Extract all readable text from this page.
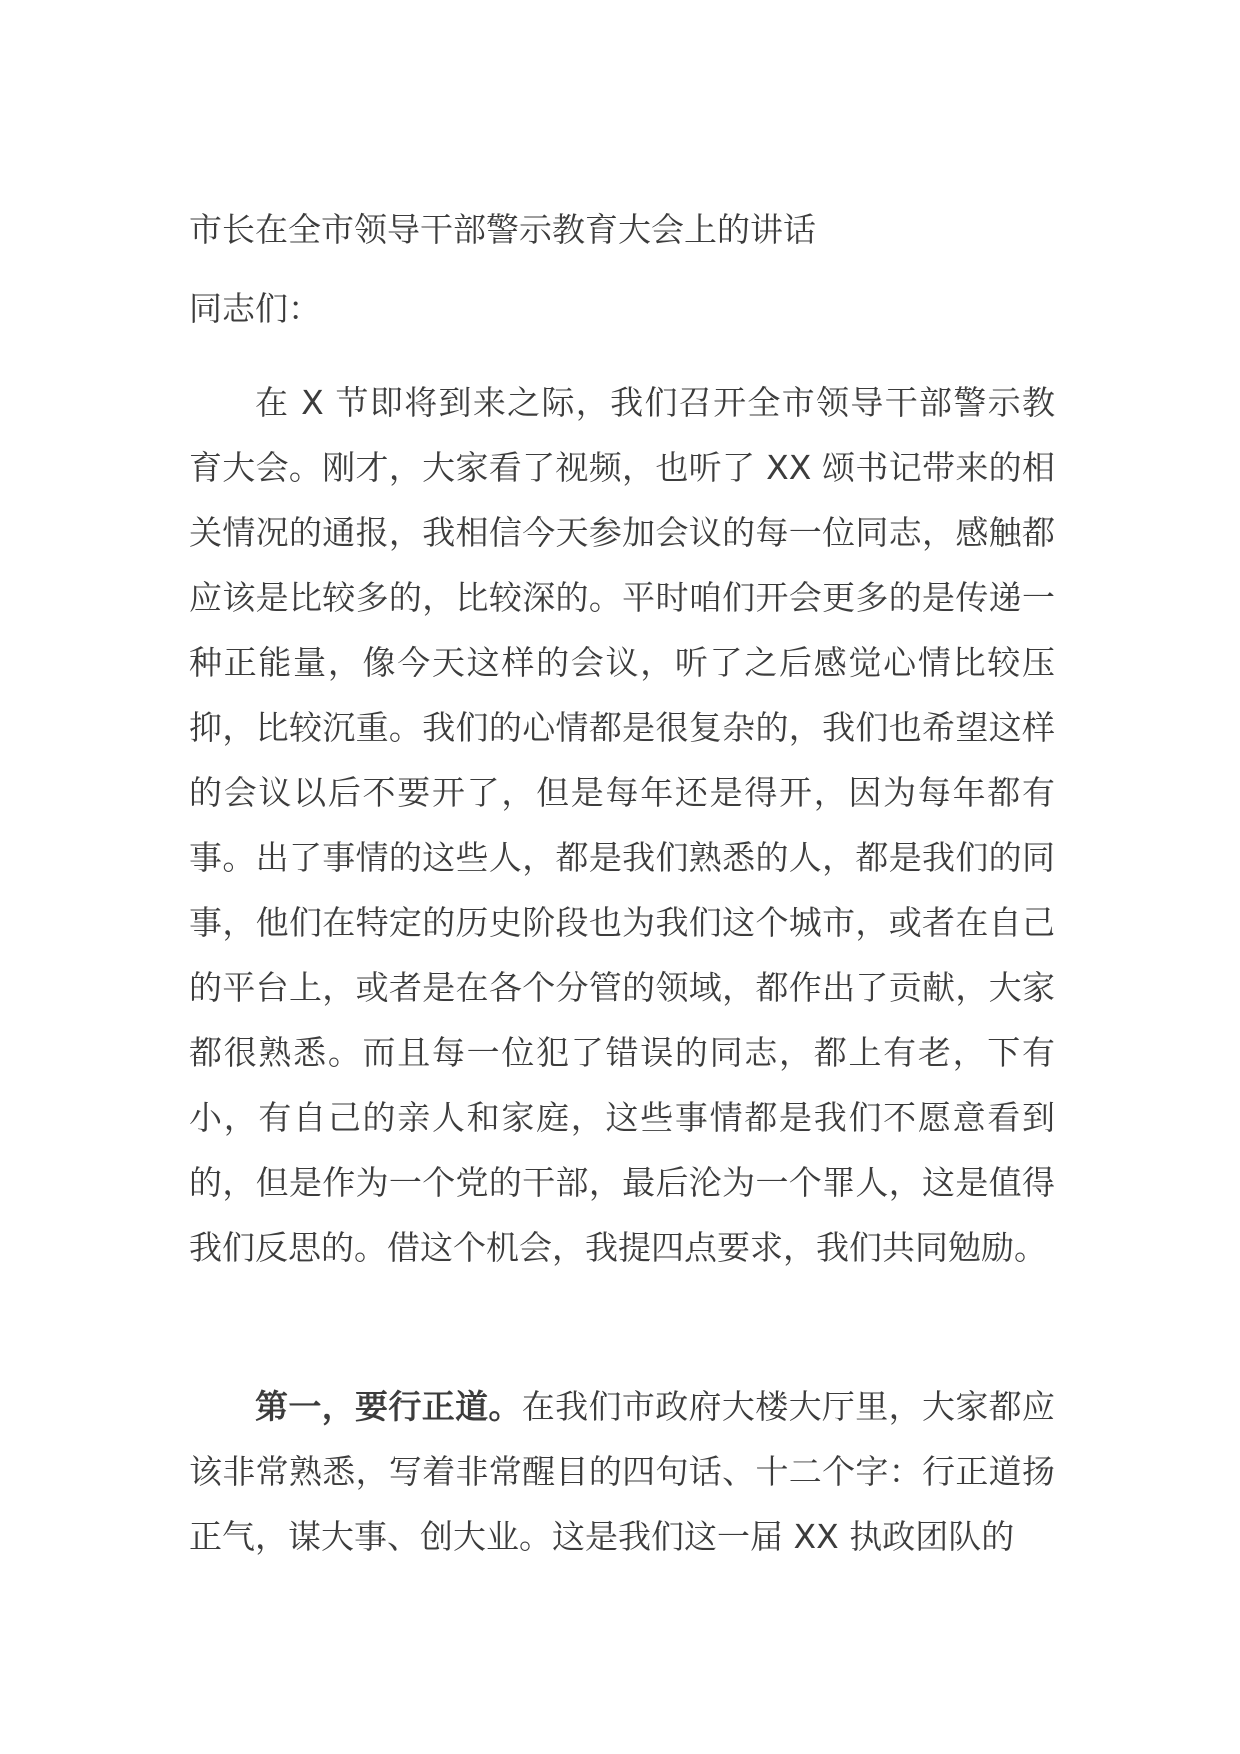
市长在全市领导干部警示教育大会上的讲话

同志们：

在 X 节即将到来之际，我们召开全市领导干部警示教育大会。刚才，大家看了视频，也听了 XX 颂书记带来的相关情况的通报，我相信今天参加会议的每一位同志，感触都应该是比较多的，比较深的。平时咱们开会更多的是传递一种正能量，像今天这样的会议，听了之后感觉心情比较压抑，比较沉重。我们的心情都是很复杂的，我们也希望这样的会议以后不要开了，但是每年还是得开，因为每年都有事。出了事情的这些人，都是我们熟悉的人，都是我们的同事，他们在特定的历史阶段也为我们这个城市，或者在自己的平台上，或者是在各个分管的领域，都作出了贡献，大家都很熟悉。而且每一位犯了错误的同志，都上有老，下有小，有自己的亲人和家庭，这些事情都是我们不愿意看到的，但是作为一个党的干部，最后沦为一个罪人，这是值得我们反思的。借这个机会，我提四点要求，我们共同勉励。

第一，要行正道。在我们市政府大楼大厅里，大家都应该非常熟悉，写着非常醒目的四句话、十二个字：行正道扬正气，谋大事、创大业。这是我们这一届 XX 执政团队的
